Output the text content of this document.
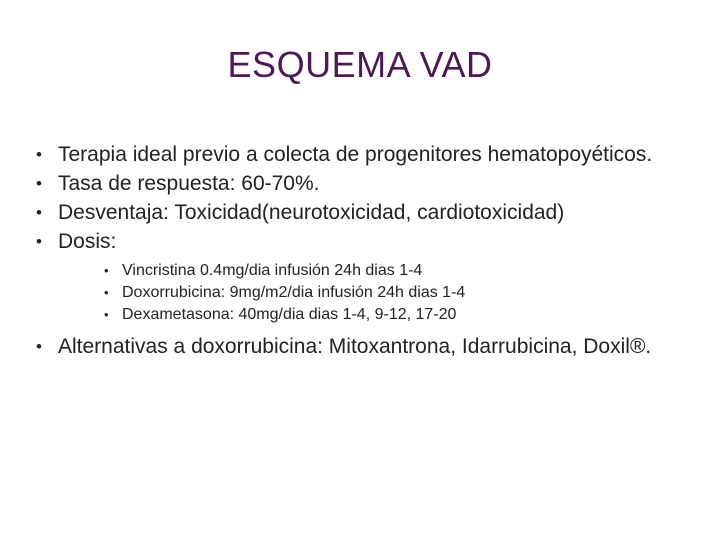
ESQUEMA VAD
• Terapia ideal previo a colecta de progenitores hematopoyéticos.
• Tasa de respuesta: 60-70%.
• Desventaja: Toxicidad(neurotoxicidad, cardiotoxicidad)
• Dosis:
• Vincristina 0.4mg/dia infusión 24h dias 1-4
• Doxorrubicina: 9mg/m2/dia infusión 24h dias 1-4
• Dexametasona: 40mg/dia dias 1-4, 9-12, 17-20
• Alternativas a doxorrubicina: Mitoxantrona, Idarrubicina, Doxil®.
